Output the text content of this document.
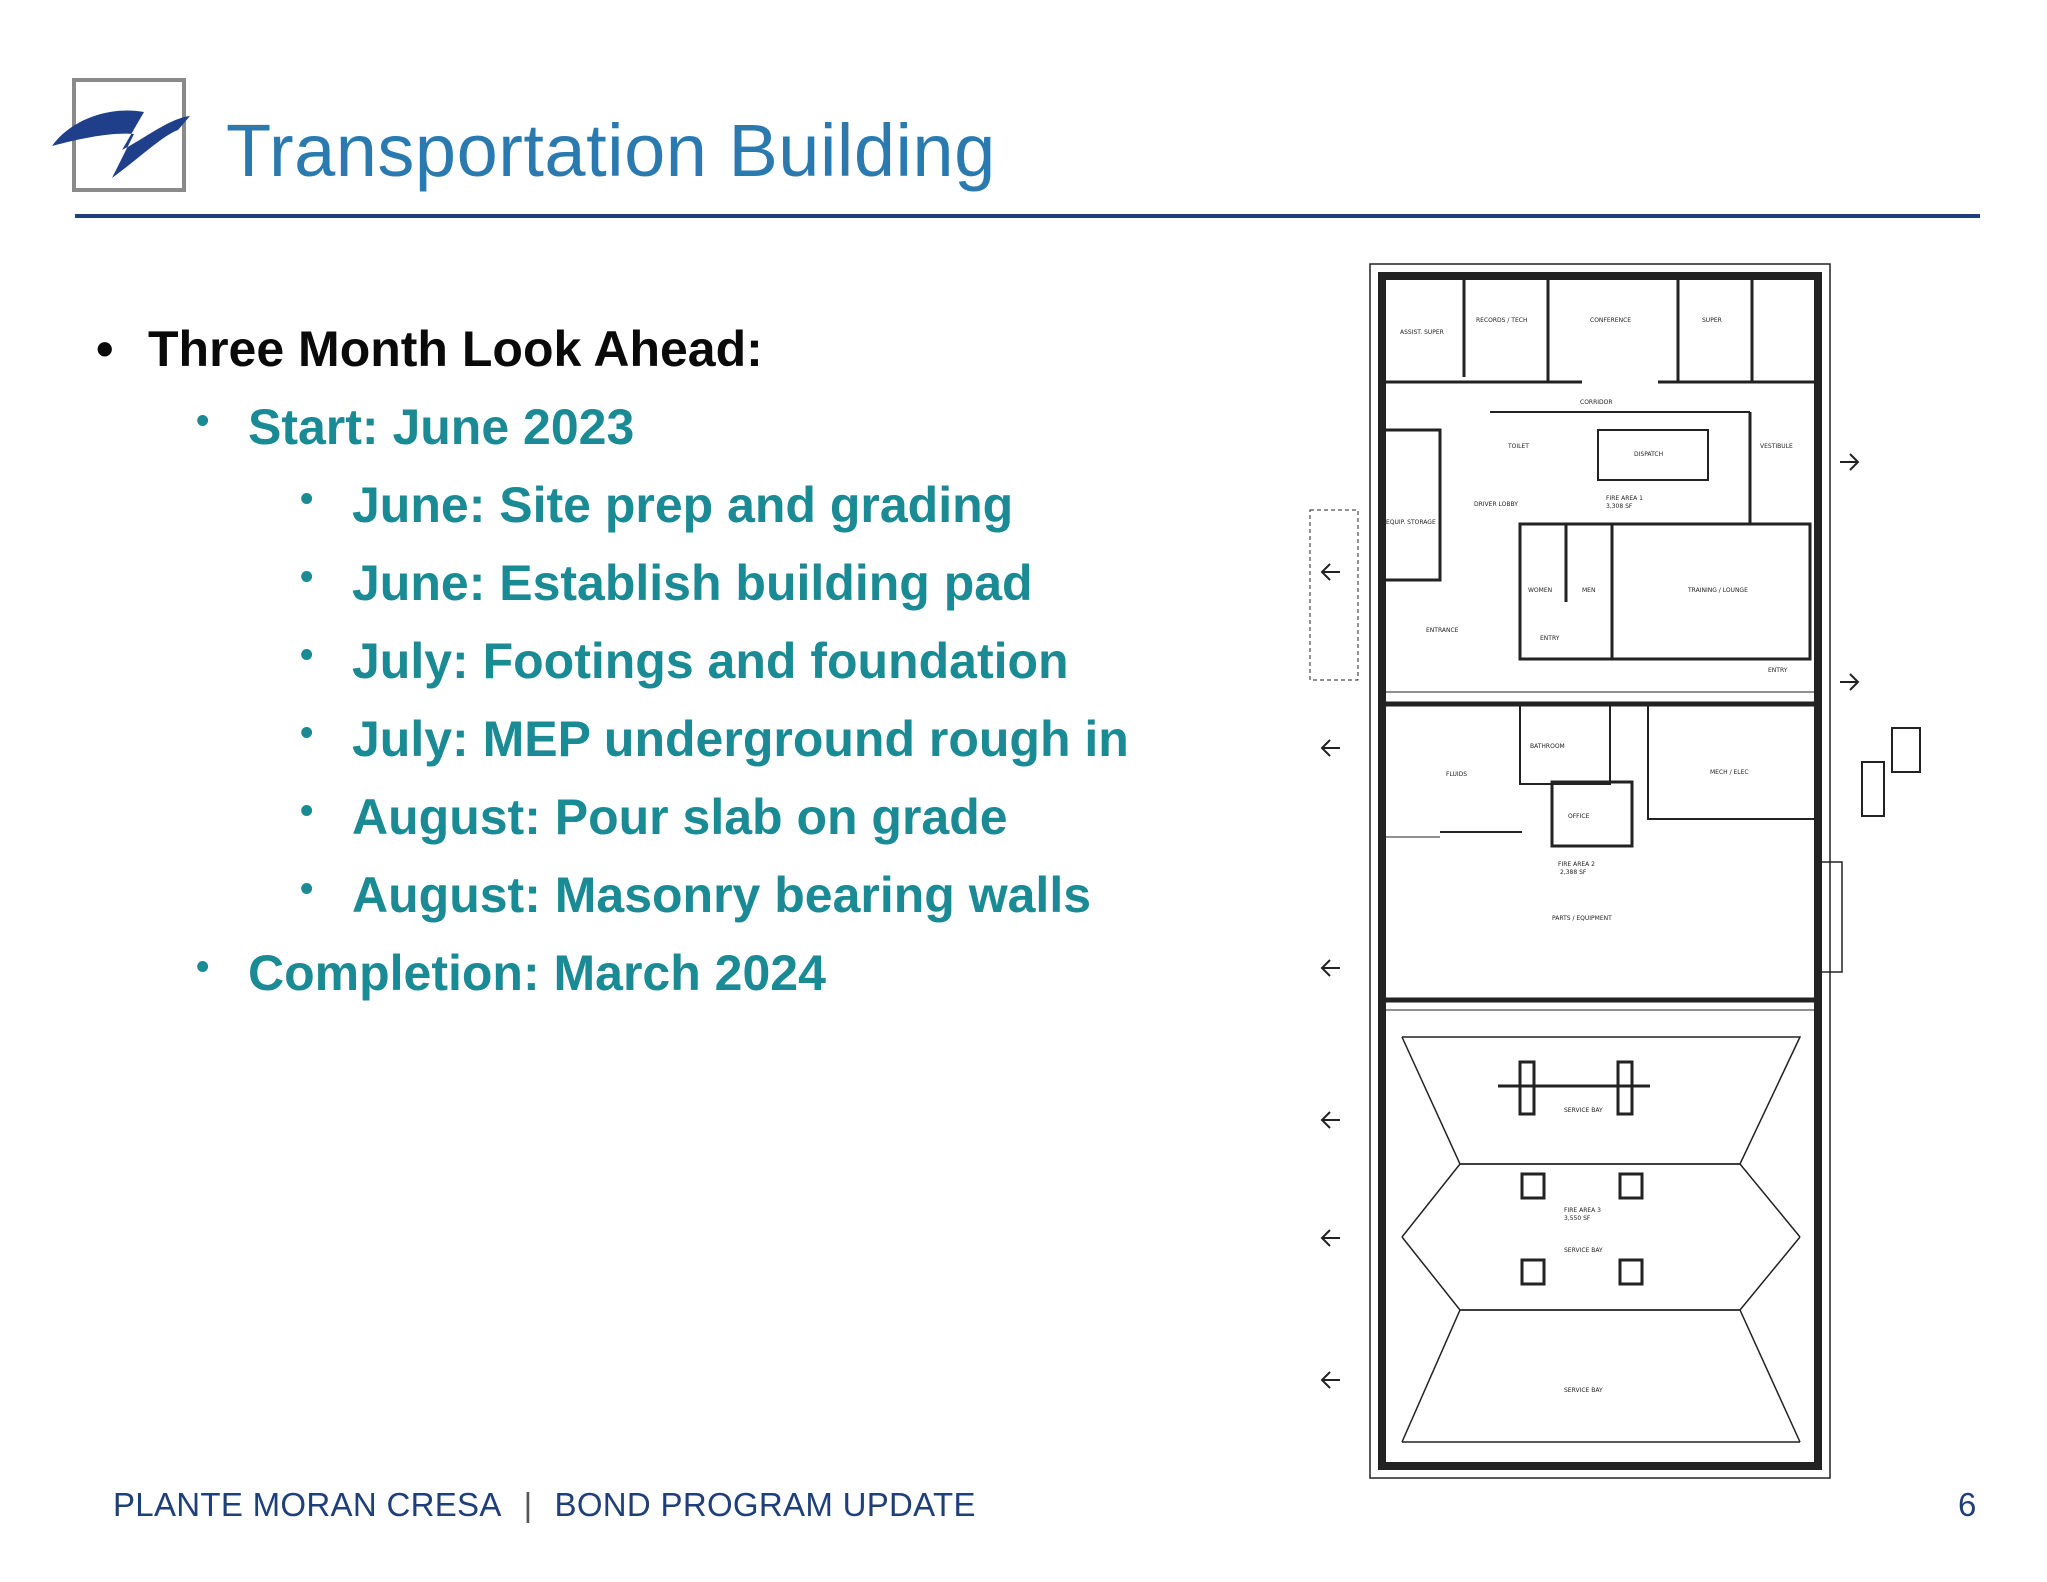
Transportation Building
• Three Month Look Ahead:
• Start: June 2023
• June: Site prep and grading
• June: Establish building pad
• July: Footings and foundation
• July: MEP underground rough in
• August: Pour slab on grade
• August: Masonry bearing walls
• Completion: March 2024
ASSIST. SUPER
RECORDS / TECH	CONFERENCE	SUPER
CORRIDOR
TOILET
DISPATCH
VESTIBULE
EQUIP. STORAGE
DRIVER LOBBY
FIRE AREA 1
3,308 SF
WOMEN	MEN	TRAINING / LOUNGE
ENTRANCE
ENTRY
ENTRY
BATHROOM
FLUIDS
OFFICE
MECH / ELEC
FIRE AREA 2
2,388 SF
PARTS / EQUIPMENT
SERVICE BAY
FIRE AREA 3
3,550 SF
SERVICE BAY
SERVICE BAY
PLANTE MORAN CRESA | BOND PROGRAM UPDATE	6
